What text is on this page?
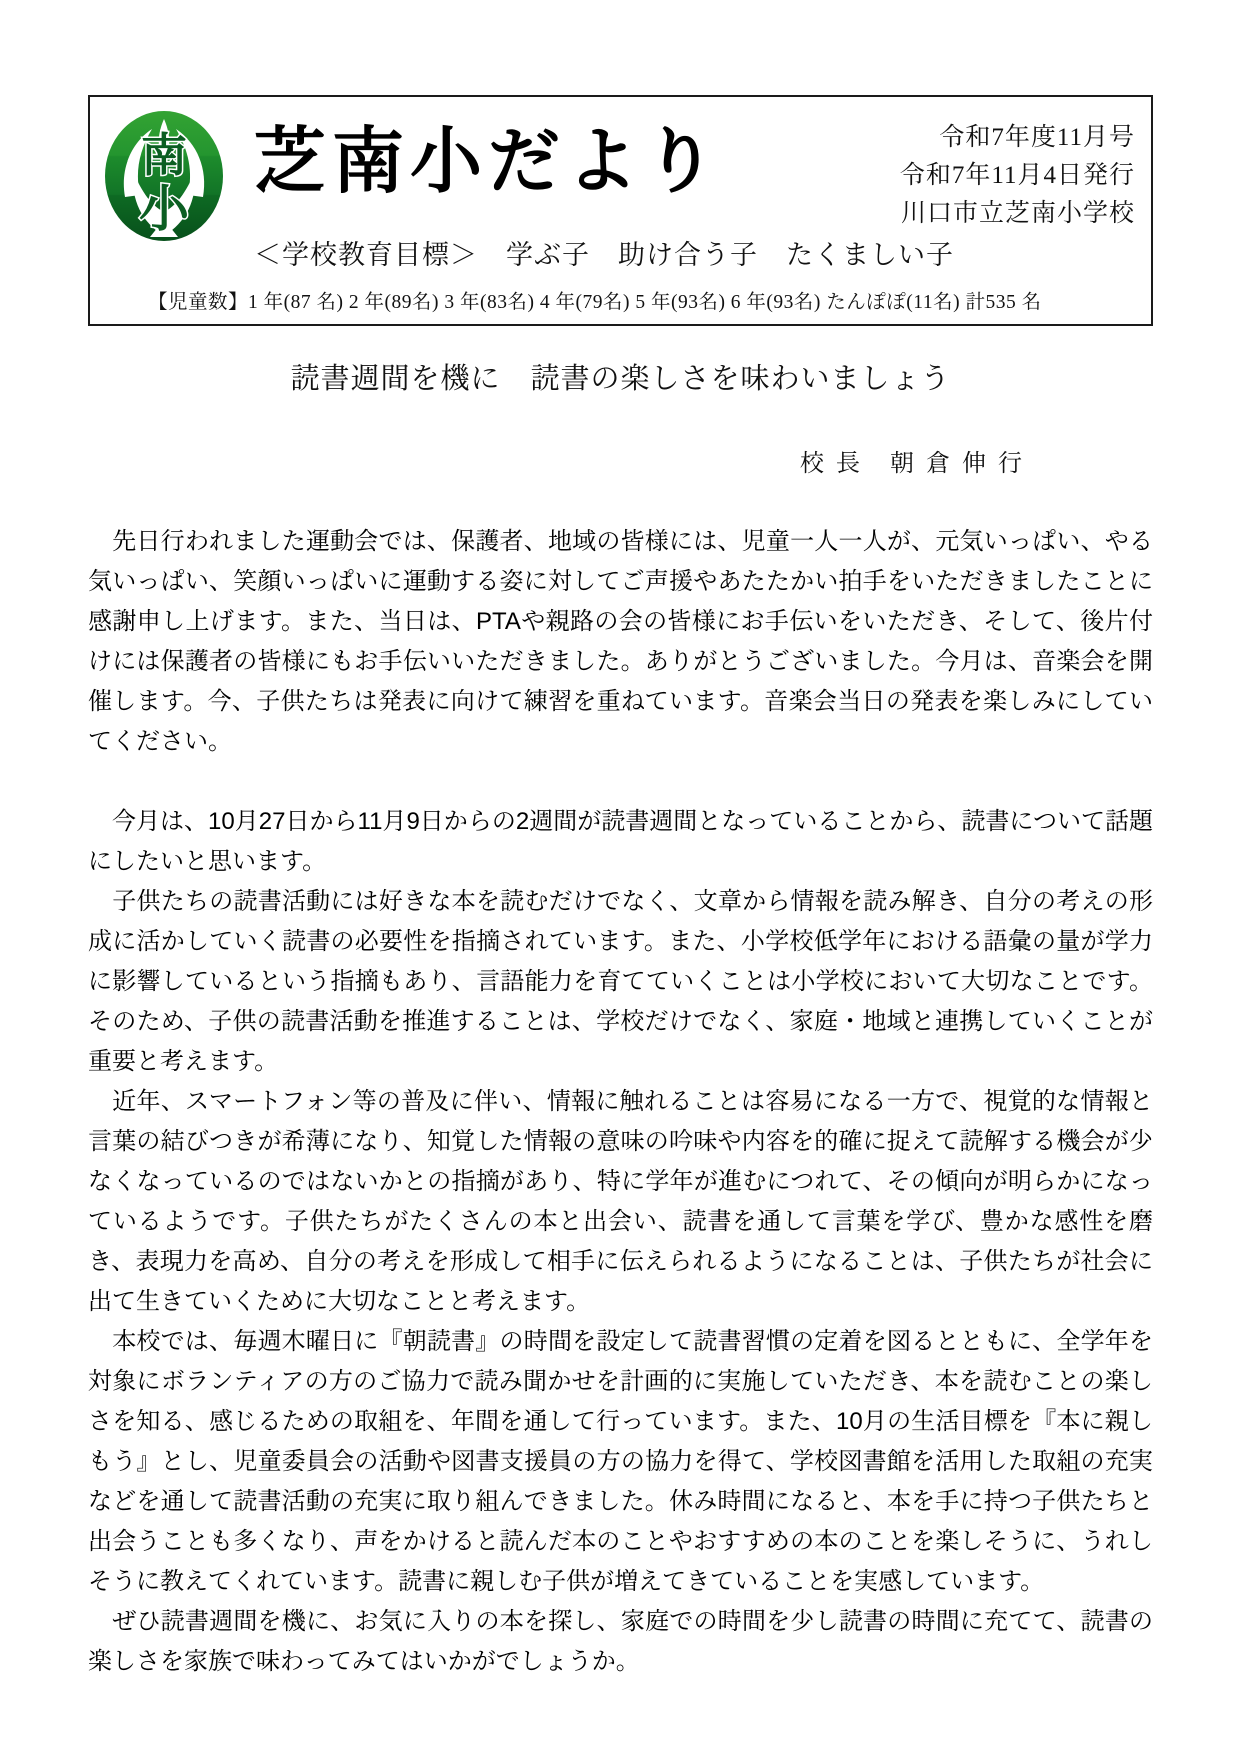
南
小
芝南小だより
＜学校教育目標＞　学ぶ子　助け合う子　たくましい子
令和7年度11月号
令和7年11月4日発行
川口市立芝南小学校
【児童数】1 年(87 名) 2 年(89名) 3 年(83名) 4 年(79名) 5 年(93名) 6 年(93名) たんぽぽ(11名) 計535 名
読書週間を機に　読書の楽しさを味わいましょう
校 長　朝 倉 伸 行

　先日行われました運動会では、保護者、地域の皆様には、児童一人一人が、元気いっぱい、やる気いっぱい、笑顔いっぱいに運動する姿に対してご声援やあたたかい拍手をいただきましたことに感謝申し上げます。また、当日は、PTAや親路の会の皆様にお手伝いをいただき、そして、後片付けには保護者の皆様にもお手伝いいただきました。ありがとうございました。今月は、音楽会を開催します。今、子供たちは発表に向けて練習を重ねています。音楽会当日の発表を楽しみにしていてください。

　今月は、10月27日から11月9日からの2週間が読書週間となっていることから、読書について話題にしたいと思います。

　子供たちの読書活動には好きな本を読むだけでなく、文章から情報を読み解き、自分の考えの形成に活かしていく読書の必要性を指摘されています。また、小学校低学年における語彙の量が学力に影響しているという指摘もあり、言語能力を育てていくことは小学校において大切なことです。そのため、子供の読書活動を推進することは、学校だけでなく、家庭・地域と連携していくことが重要と考えます。

　近年、スマートフォン等の普及に伴い、情報に触れることは容易になる一方で、視覚的な情報と言葉の結びつきが希薄になり、知覚した情報の意味の吟味や内容を的確に捉えて読解する機会が少なくなっているのではないかとの指摘があり、特に学年が進むにつれて、その傾向が明らかになっているようです。子供たちがたくさんの本と出会い、読書を通して言葉を学び、豊かな感性を磨き、表現力を高め、自分の考えを形成して相手に伝えられるようになることは、子供たちが社会に出て生きていくために大切なことと考えます。

　本校では、毎週木曜日に『朝読書』の時間を設定して読書習慣の定着を図るとともに、全学年を対象にボランティアの方のご協力で読み聞かせを計画的に実施していただき、本を読むことの楽しさを知る、感じるための取組を、年間を通して行っています。また、10月の生活目標を『本に親しもう』とし、児童委員会の活動や図書支援員の方の協力を得て、学校図書館を活用した取組の充実などを通して読書活動の充実に取り組んできました。休み時間になると、本を手に持つ子供たちと出会うことも多くなり、声をかけると読んだ本のことやおすすめの本のことを楽しそうに、うれしそうに教えてくれています。読書に親しむ子供が増えてきていることを実感しています。

　ぜひ読書週間を機に、お気に入りの本を探し、家庭での時間を少し読書の時間に充てて、読書の楽しさを家族で味わってみてはいかがでしょうか。
